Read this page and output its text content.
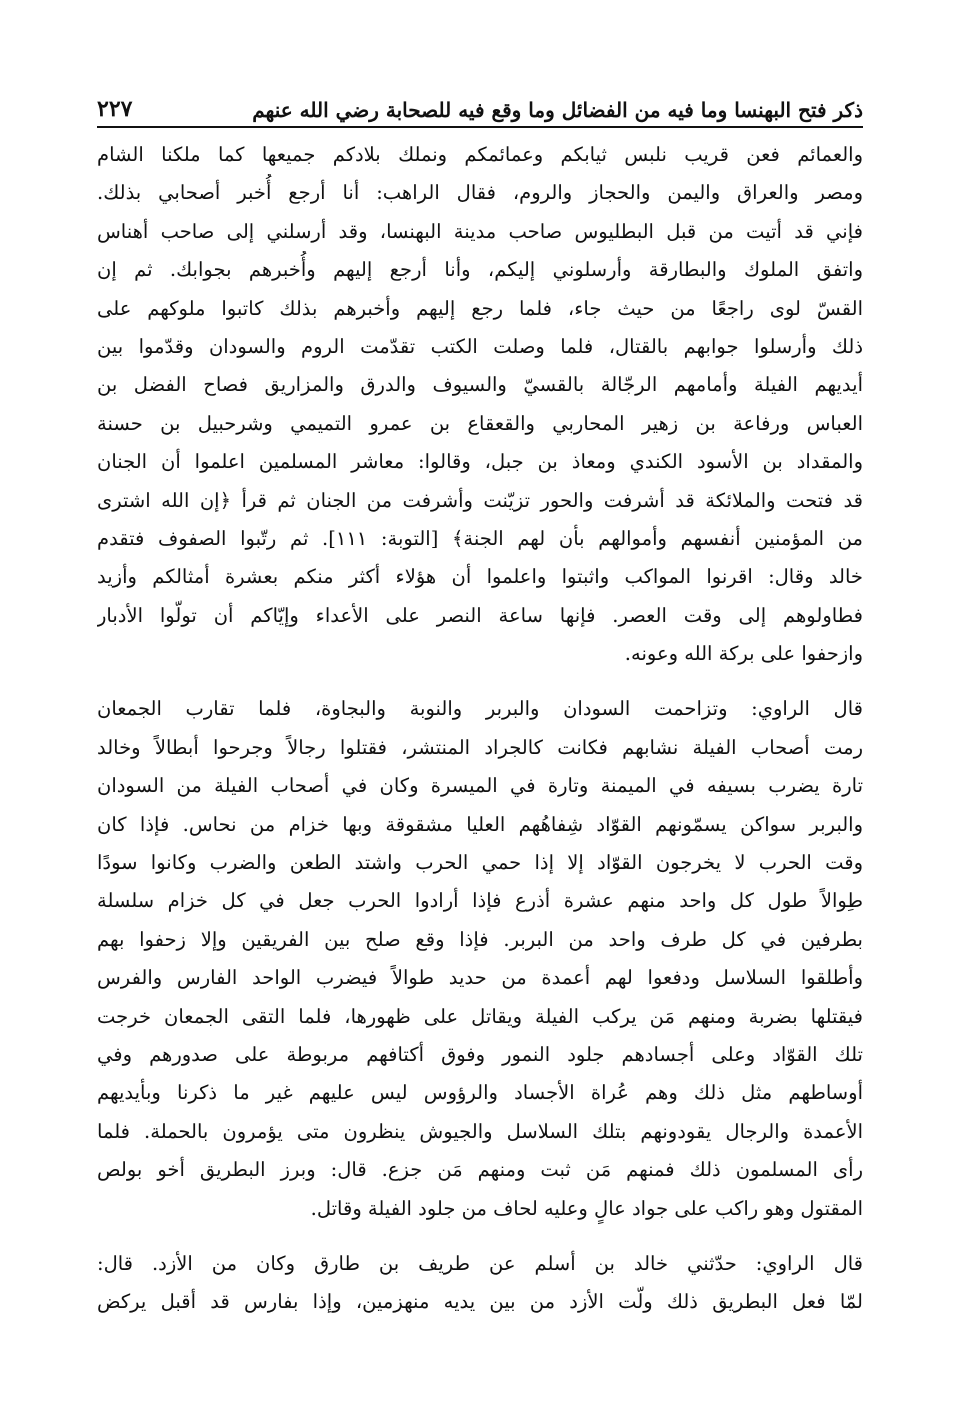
ذكر فتح البهنسا وما فيه من الفضائل وما وقع فيه للصحابة رضي الله عنهم
٢٢٧
والعمائم فعن قريب نلبس ثيابكم وعمائمكم ونملك بلادكم جميعها كما ملكنا الشام
ومصر والعراق واليمن والحجاز والروم، فقال الراهب: أنا أرجع أُخبر أصحابي بذلك.
فإني قد أتيت من قبل البطليوس صاحب مدينة البهنسا، وقد أرسلني إلى صاحب أهناس
واتفق الملوك والبطارقة وأرسلوني إليكم، وأنا أرجع إليهم وأُخبرهم بجوابك. ثم إن
القسّ لوى راجعًا من حيث جاء، فلما رجع إليهم وأخبرهم بذلك كاتبوا ملوكهم على
ذلك وأرسلوا جوابهم بالقتال، فلما وصلت الكتب تقدّمت الروم والسودان وقدّموا بين
أيديهم الفيلة وأمامهم الرجّالة بالقسيّ والسيوف والدرق والمزاريق فصاح الفضل بن
العباس ورفاعة بن زهير المحاربي والقعقاع بن عمرو التميمي وشرحبيل بن حسنة
والمقداد بن الأسود الكندي ومعاذ بن جبل، وقالوا: معاشر المسلمين اعلموا أن الجنان
قد فتحت والملائكة قد أشرفت والحور تزيّنت وأشرفت من الجنان ثم قرأ ﴿إن الله اشترى
من المؤمنين أنفسهم وأموالهم بأن لهم الجنة﴾ [التوبة: ١١١]. ثم رتّبوا الصفوف فتقدم
خالد وقال: اقرنوا المواكب واثبتوا واعلموا أن هؤلاء أكثر منكم بعشرة أمثالكم وأزيد
فطاولوهم إلى وقت العصر. فإنها ساعة النصر على الأعداء وإيّاكم أن تولّوا الأدبار
وازحفوا على بركة الله وعونه.
قال الراوي: وتزاحمت السودان والبربر والنوبة والبجاوة، فلما تقارب الجمعان
رمت أصحاب الفيلة نشابهم فكانت كالجراد المنتشر، فقتلوا رجالاً وجرحوا أبطالاً وخالد
تارة يضرب بسيفه في الميمنة وتارة في الميسرة وكان في أصحاب الفيلة من السودان
والبربر سواكن يسمّونهم القوّاد شِفاهُهم العليا مشقوقة وبها خزام من نحاس. فإذا كان
وقت الحرب لا يخرجون القوّاد إلا إذا حمي الحرب واشتد الطعن والضرب وكانوا سودًا
طِوالاً طول كل واحد منهم عشرة أذرع فإذا أرادوا الحرب جعل في كل خزام سلسلة
بطرفين في كل طرف واحد من البربر. فإذا وقع صلح بين الفريقين وإلا زحفوا بهم
وأطلقوا السلاسل ودفعوا لهم أعمدة من حديد طوالاً فيضرب الواحد الفارس والفرس
فيقتلها بضربة ومنهم مَن يركب الفيلة ويقاتل على ظهورها، فلما التقى الجمعان خرجت
تلك القوّاد وعلى أجسادهم جلود النمور وفوق أكتافهم مربوطة على صدورهم وفي
أوساطهم مثل ذلك وهم عُراة الأجساد والرؤوس ليس عليهم غير ما ذكرنا وبأيديهم
الأعمدة والرجال يقودونهم بتلك السلاسل والجيوش ينظرون متى يؤمرون بالحملة. فلما
رأى المسلمون ذلك فمنهم مَن ثبت ومنهم مَن جزع. قال: وبرز البطريق أخو بولص
المقتول وهو راكب على جواد عالٍ وعليه لحاف من جلود الفيلة وقاتل.
قال الراوي: حدّثني خالد بن أسلم عن طريف بن طارق وكان من الأزد. قال:
لمّا فعل البطريق ذلك ولّت الأزد من بين يديه منهزمين، وإذا بفارس قد أقبل يركض
